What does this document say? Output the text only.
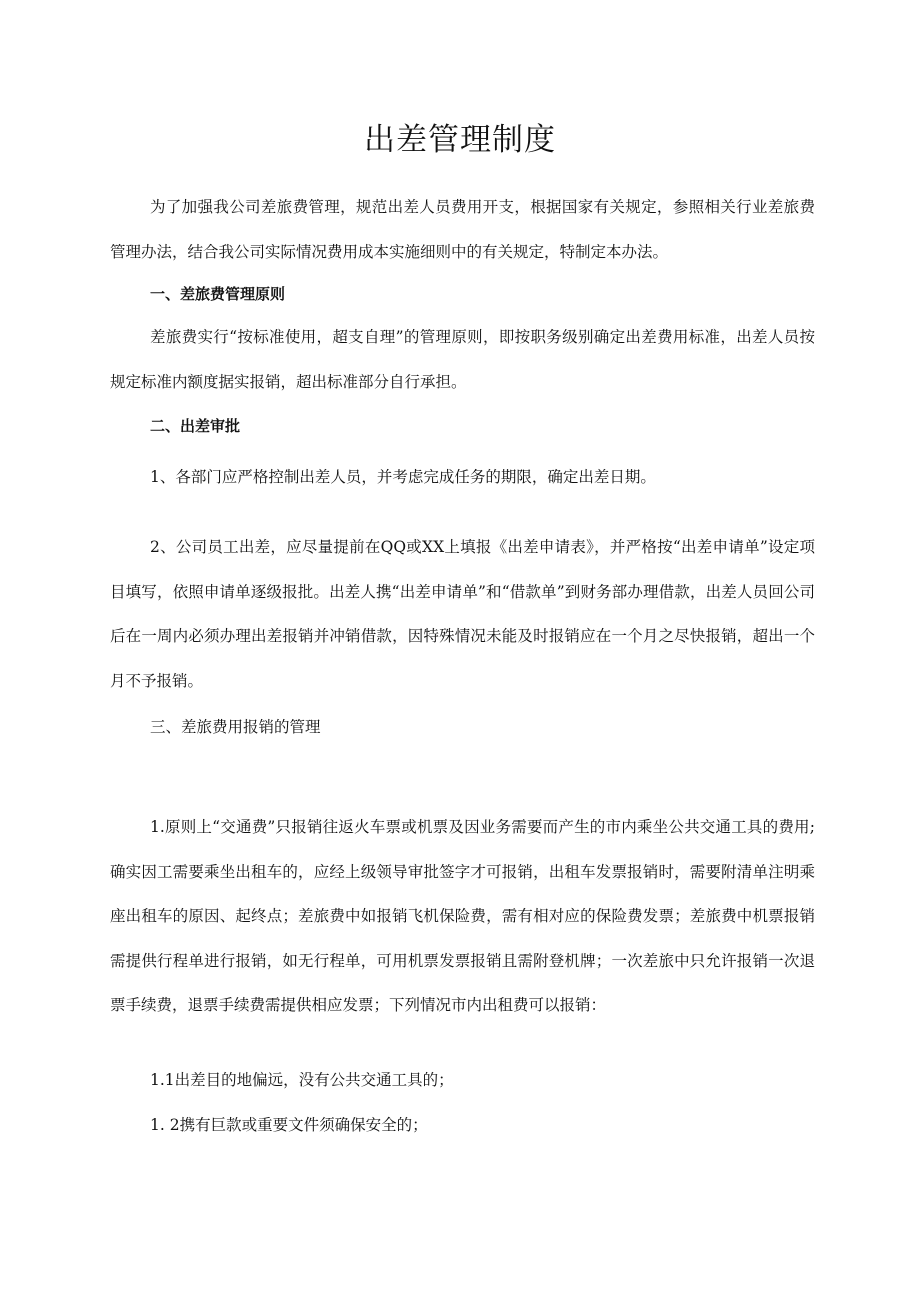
出差管理制度

为了加强我公司差旅费管理，规范出差人员费用开支，根据国家有关规定，参照相关行业差旅费管理办法，结合我公司实际情况费用成本实施细则中的有关规定，特制定本办法。

一、差旅费管理原则

差旅费实行“按标准使用，超支自理”的管理原则，即按职务级别确定出差费用标准，出差人员按规定标准内额度据实报销，超出标准部分自行承担。

二、出差审批

1、各部门应严格控制出差人员，并考虑完成任务的期限，确定出差日期。

2、公司员工出差，应尽量提前在QQ或XX上填报《出差申请表》，并严格按“出差申请单”设定项目填写，依照申请单逐级报批。出差人携“出差申请单”和“借款单”到财务部办理借款，出差人员回公司后在一周内必须办理出差报销并冲销借款，因特殊情况未能及时报销应在一个月之尽快报销，超出一个月不予报销。

三、差旅费用报销的管理

1.原则上“交通费”只报销往返火车票或机票及因业务需要而产生的市内乘坐公共交通工具的费用;确实因工需要乘坐出租车的，应经上级领导审批签字才可报销，出租车发票报销时，需要附清单注明乘座出租车的原因、起终点；差旅费中如报销飞机保险费，需有相对应的保险费发票；差旅费中机票报销需提供行程单进行报销，如无行程单，可用机票发票报销且需附登机牌；一次差旅中只允许报销一次退票手续费，退票手续费需提供相应发票；下列情况市内出租费可以报销：

1.1出差目的地偏远，没有公共交通工具的；

1. 2携有巨款或重要文件须确保安全的；
